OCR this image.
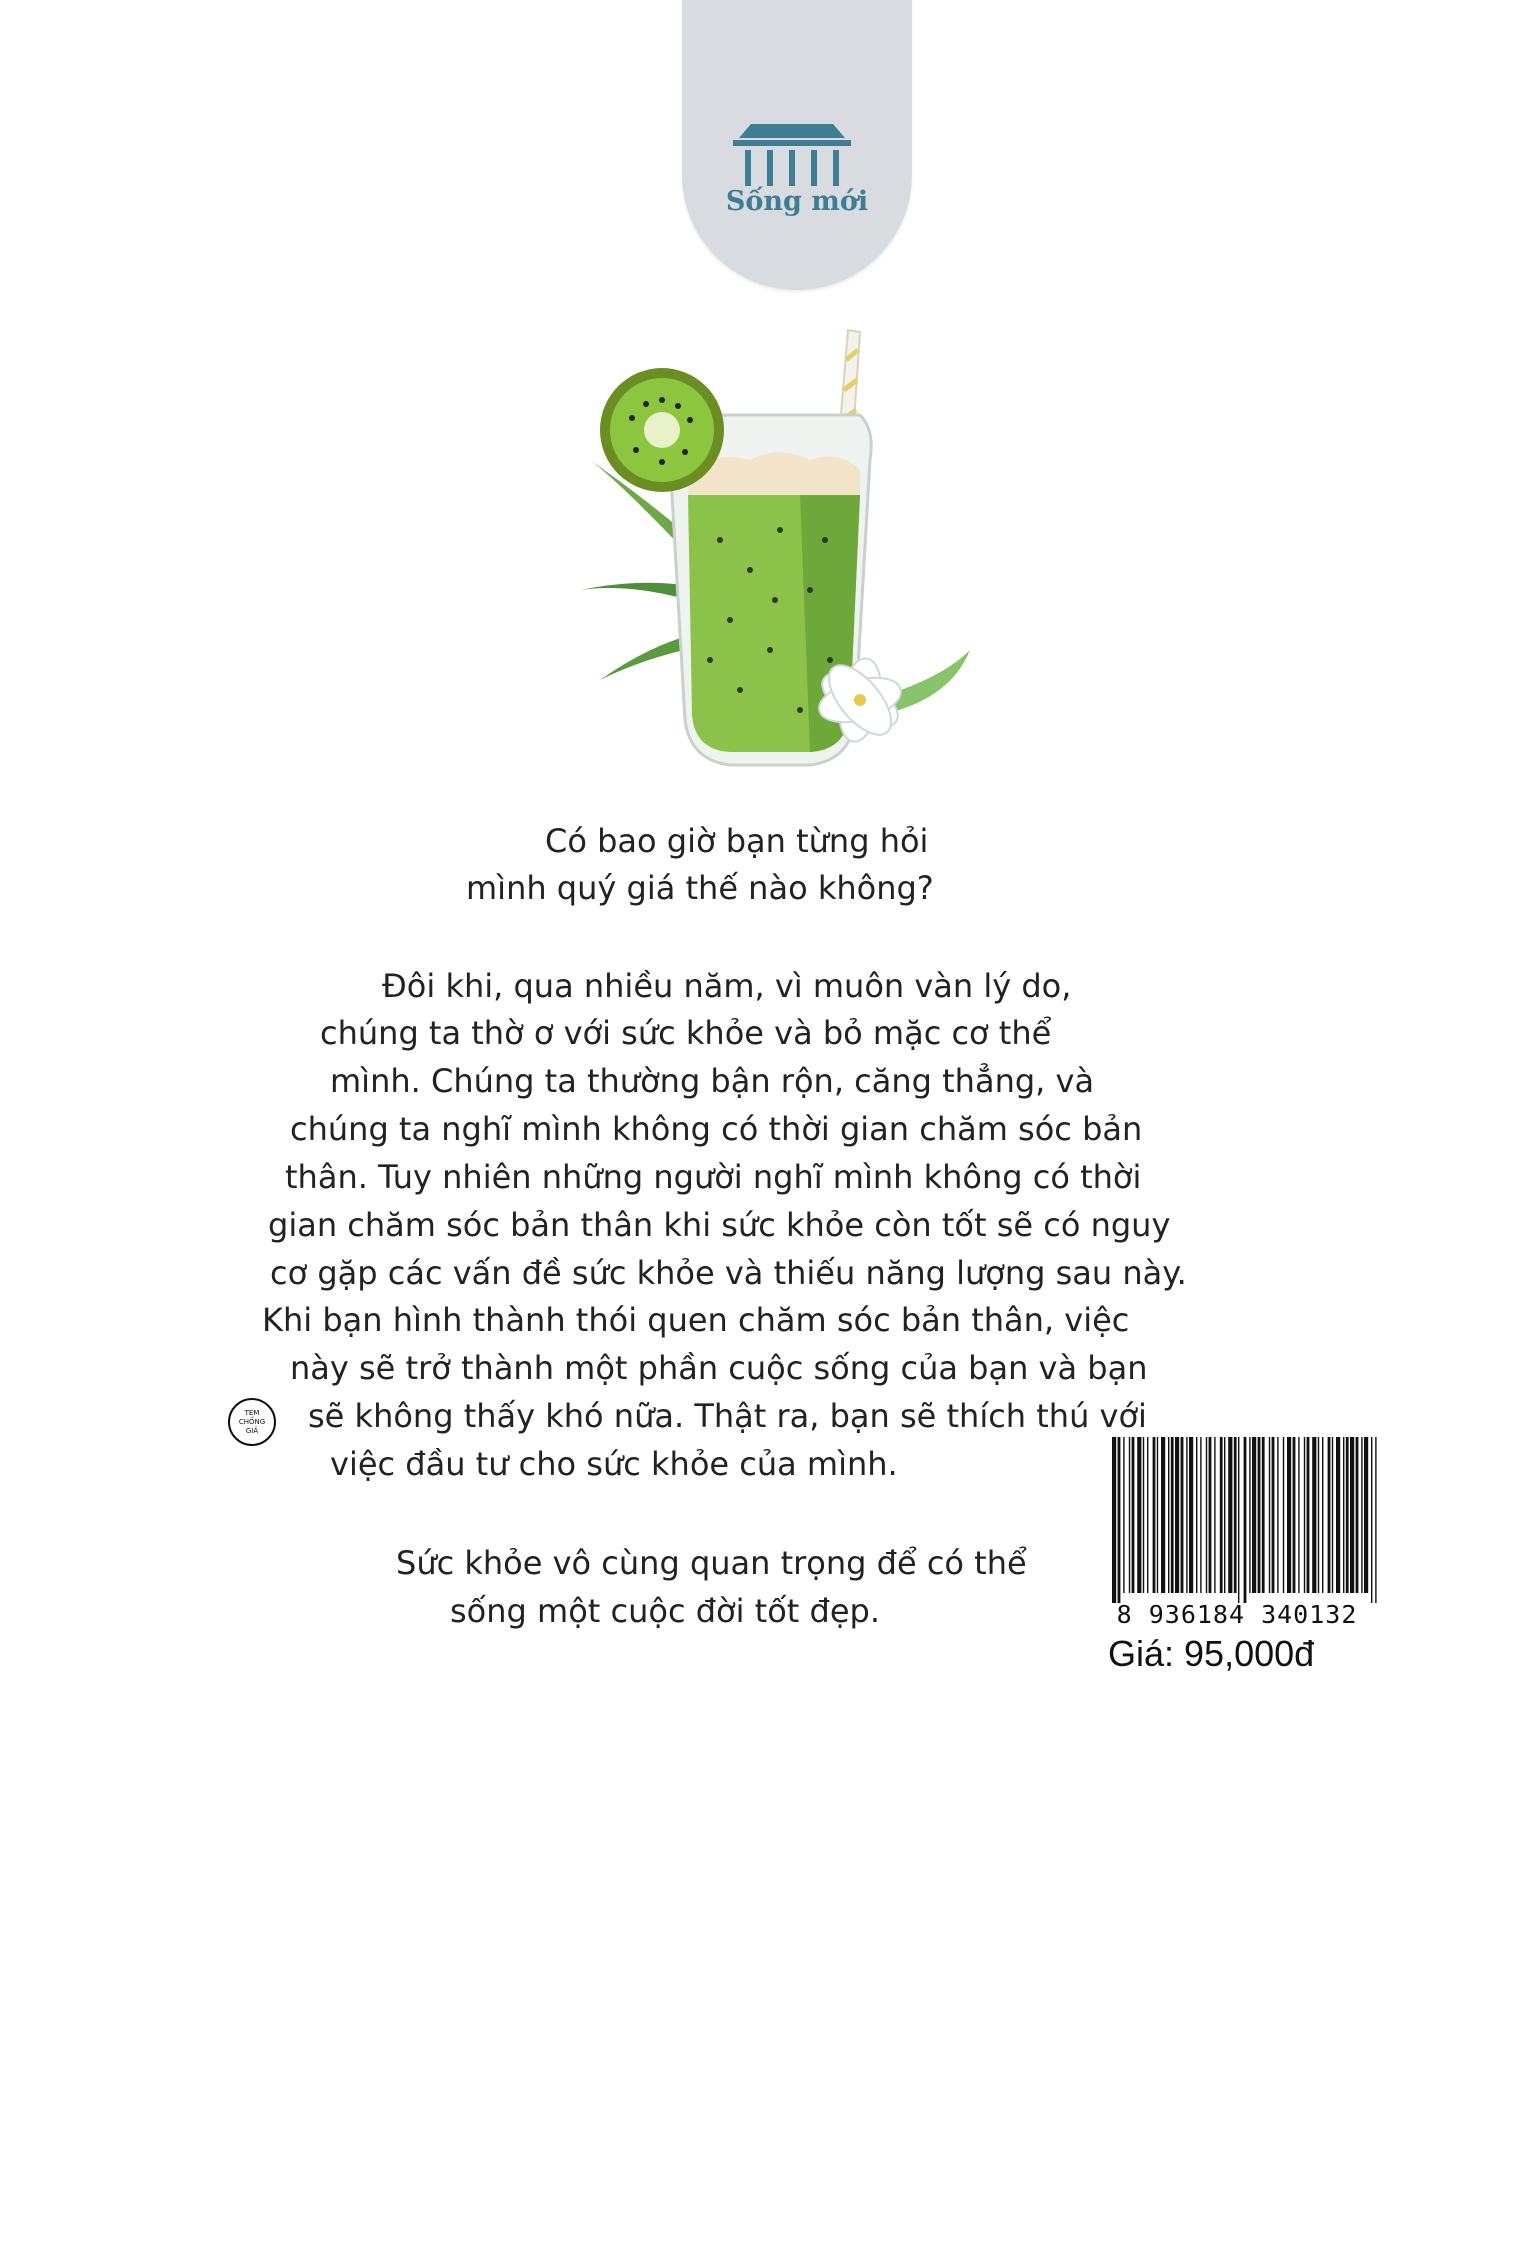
Sống mới
Có bao giờ bạn từng hỏi
mình quý giá thế nào không?
Đôi khi, qua nhiều năm, vì muôn vàn lý do,
chúng ta thờ ơ với sức khỏe và bỏ mặc cơ thể
mình. Chúng ta thường bận rộn, căng thẳng, và
chúng ta nghĩ mình không có thời gian chăm sóc bản
thân. Tuy nhiên những người nghĩ mình không có thời
gian chăm sóc bản thân khi sức khỏe còn tốt sẽ có nguy
cơ gặp các vấn đề sức khỏe và thiếu năng lượng sau này.
Khi bạn hình thành thói quen chăm sóc bản thân, việc
này sẽ trở thành một phần cuộc sống của bạn và bạn
sẽ không thấy khó nữa. Thật ra, bạn sẽ thích thú với
việc đầu tư cho sức khỏe của mình.
Sức khỏe vô cùng quan trọng để có thể
sống một cuộc đời tốt đẹp.
TEM
CHỐNG
GIẢ
8 936184 340132
Giá: 95,000đ
